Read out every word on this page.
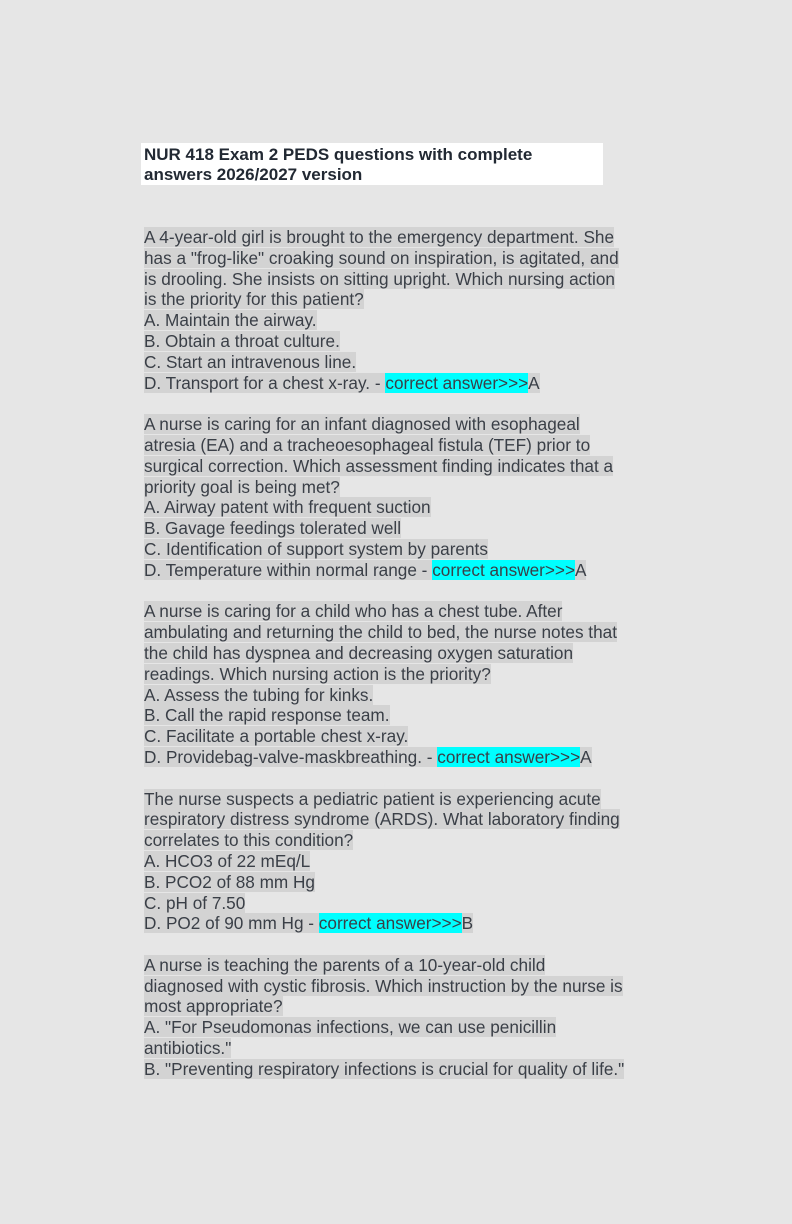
NUR 418 Exam 2 PEDS questions with complete
answers 2026/2027 version
A 4-year-old girl is brought to the emergency department. She
has a "frog-like" croaking sound on inspiration, is agitated, and
is drooling. She insists on sitting upright. Which nursing action
is the priority for this patient?
A. Maintain the airway.
B. Obtain a throat culture.
C. Start an intravenous line.
D. Transport for a chest x-ray. - correct answer>>>A
A nurse is caring for an infant diagnosed with esophageal
atresia (EA) and a tracheoesophageal fistula (TEF) prior to
surgical correction. Which assessment finding indicates that a
priority goal is being met?
A. Airway patent with frequent suction
B. Gavage feedings tolerated well
C. Identification of support system by parents
D. Temperature within normal range - correct answer>>>A
A nurse is caring for a child who has a chest tube. After
ambulating and returning the child to bed, the nurse notes that
the child has dyspnea and decreasing oxygen saturation
readings. Which nursing action is the priority?
A. Assess the tubing for kinks.
B. Call the rapid response team.
C. Facilitate a portable chest x-ray.
D. Providebag-valve-maskbreathing. - correct answer>>>A
The nurse suspects a pediatric patient is experiencing acute
respiratory distress syndrome (ARDS). What laboratory finding
correlates to this condition?
A. HCO3 of 22 mEq/L
B. PCO2 of 88 mm Hg
C. pH of 7.50
D. PO2 of 90 mm Hg - correct answer>>>B
A nurse is teaching the parents of a 10-year-old child
diagnosed with cystic fibrosis. Which instruction by the nurse is
most appropriate?
A. "For Pseudomonas infections, we can use penicillin
antibiotics."
B. "Preventing respiratory infections is crucial for quality of life."
